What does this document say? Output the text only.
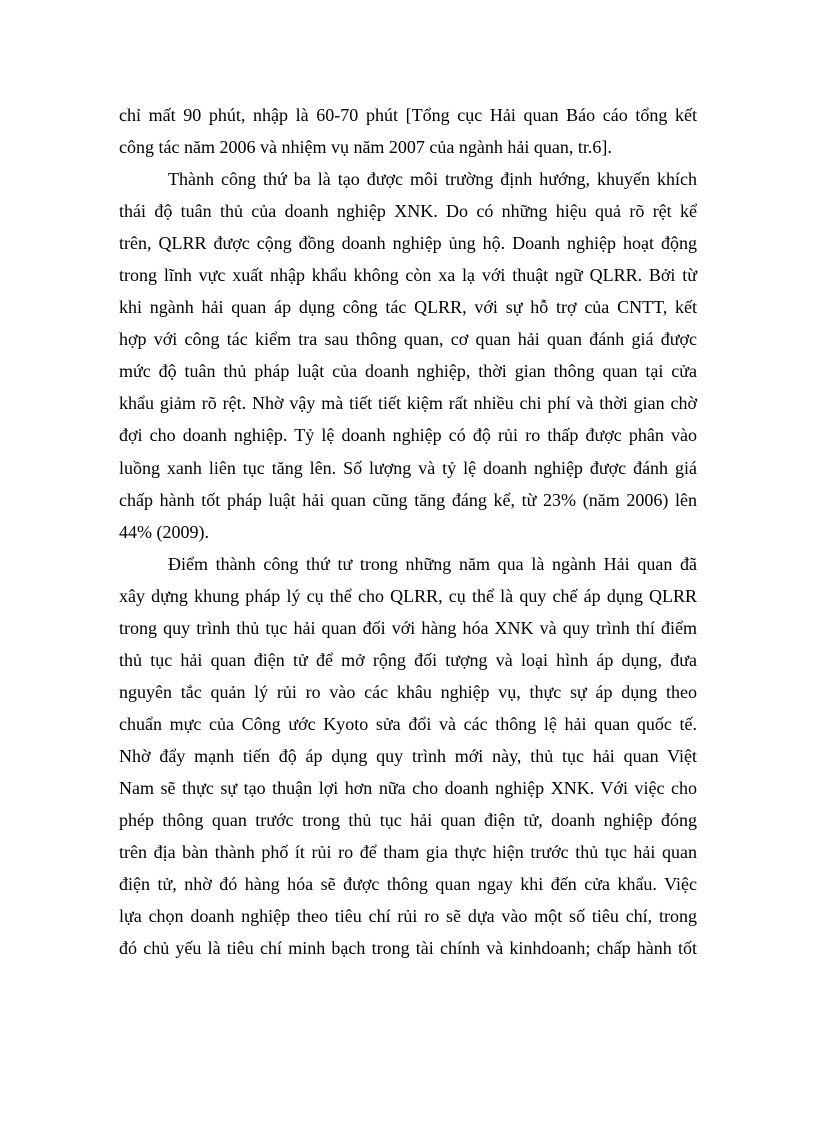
chỉ mất 90 phút, nhập là 60-70 phút [Tổng cục Hải quan Báo cáo tổng kết
công tác năm 2006 và nhiệm vụ năm 2007 của ngành hải quan, tr.6].
Thành công thứ ba là tạo được môi trường định hướng, khuyến khích
thái độ tuân thủ của doanh nghiệp XNK. Do có những hiệu quả rõ rệt kể
trên, QLRR được cộng đồng doanh nghiệp ủng hộ. Doanh nghiệp hoạt động
trong lĩnh vực xuất nhập khẩu không còn xa lạ với thuật ngữ QLRR. Bởi từ
khi ngành hải quan áp dụng công tác QLRR, với sự hỗ trợ của CNTT, kết
hợp với công tác kiểm tra sau thông quan, cơ quan hải quan đánh giá được
mức độ tuân thủ pháp luật của doanh nghiệp, thời gian thông quan tại cửa
khẩu giảm rõ rệt. Nhờ vậy mà tiết tiết kiệm rất nhiều chi phí và thời gian chờ
đợi cho doanh nghiệp. Tỷ lệ doanh nghiệp có độ rủi ro thấp được phân vào
luồng xanh liên tục tăng lên. Số lượng và tỷ lệ doanh nghiệp được đánh giá
chấp hành tốt pháp luật hải quan cũng tăng đáng kể, từ 23% (năm 2006) lên
44% (2009).
Điểm thành công thứ tư trong những năm qua là ngành Hải quan đã
xây dựng khung pháp lý cụ thể cho QLRR, cụ thể là quy chế áp dụng QLRR
trong quy trình thủ tục hải quan đối với hàng hóa XNK và quy trình thí điểm
thủ tục hải quan điện tử để mở rộng đối tượng và loại hình áp dụng, đưa
nguyên tắc quản lý rủi ro vào các khâu nghiệp vụ, thực sự áp dụng theo
chuẩn mực của Công ước Kyoto sửa đổi và các thông lệ hải quan quốc tế.
Nhờ đẩy mạnh tiến độ áp dụng quy trình mới này, thủ tục hải quan Việt
Nam sẽ thực sự tạo thuận lợi hơn nữa cho doanh nghiệp XNK. Với việc cho
phép thông quan trước trong thủ tục hải quan điện tử, doanh nghiệp đóng
trên địa bàn thành phố ít rủi ro để tham gia thực hiện trước thủ tục hải quan
điện tử, nhờ đó hàng hóa sẽ được thông quan ngay khi đến cửa khẩu. Việc
lựa chọn doanh nghiệp theo tiêu chí rủi ro sẽ dựa vào một số tiêu chí, trong
đó chủ yếu là tiêu chí minh bạch trong tài chính và kinhdoanh; chấp hành tốt
